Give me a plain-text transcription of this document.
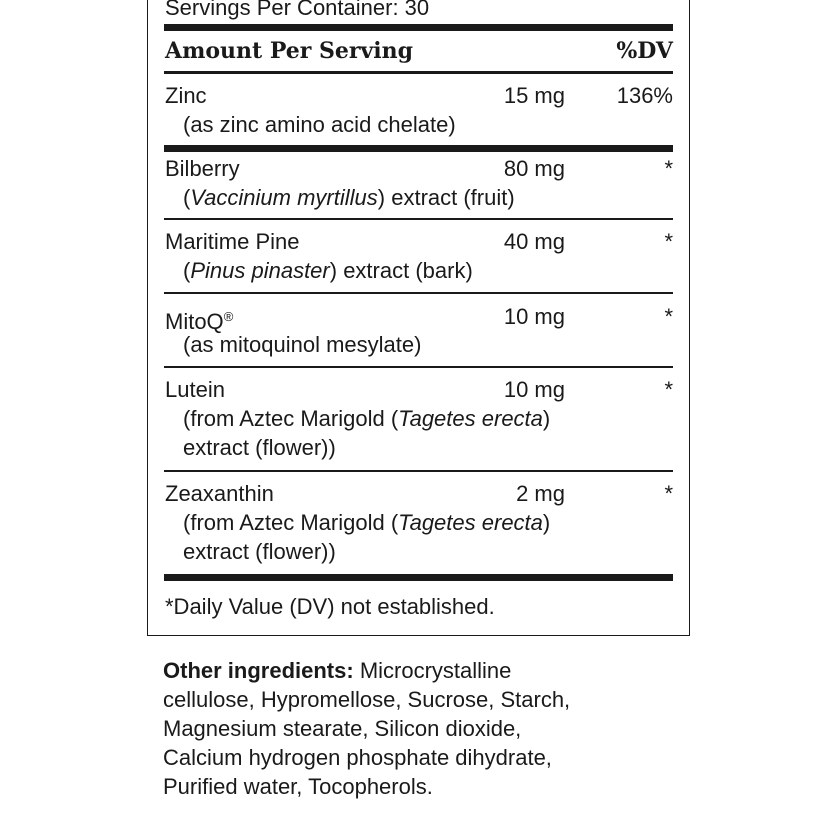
Servings Per Container: 30
Amount Per Serving	%DV
Zinc	15 mg 136%
(as zinc amino acid chelate)
Bilberry	80 mg	*
(Vaccinium myrtillus) extract (fruit)
Maritime Pine	40 mg	*
(Pinus pinaster) extract (bark)
MitoQ®	10 mg	*
(as mitoquinol mesylate)
Lutein	10 mg	*
(from Aztec Marigold (Tagetes erecta)
extract (flower))
Zeaxanthin	2 mg	*
(from Aztec Marigold (Tagetes erecta)
extract (flower))
*Daily Value (DV) not established.
Other ingredients: Microcrystalline
cellulose, Hypromellose, Sucrose, Starch,
Magnesium stearate, Silicon dioxide,
Calcium hydrogen phosphate dihydrate,
Purified water, Tocopherols.
